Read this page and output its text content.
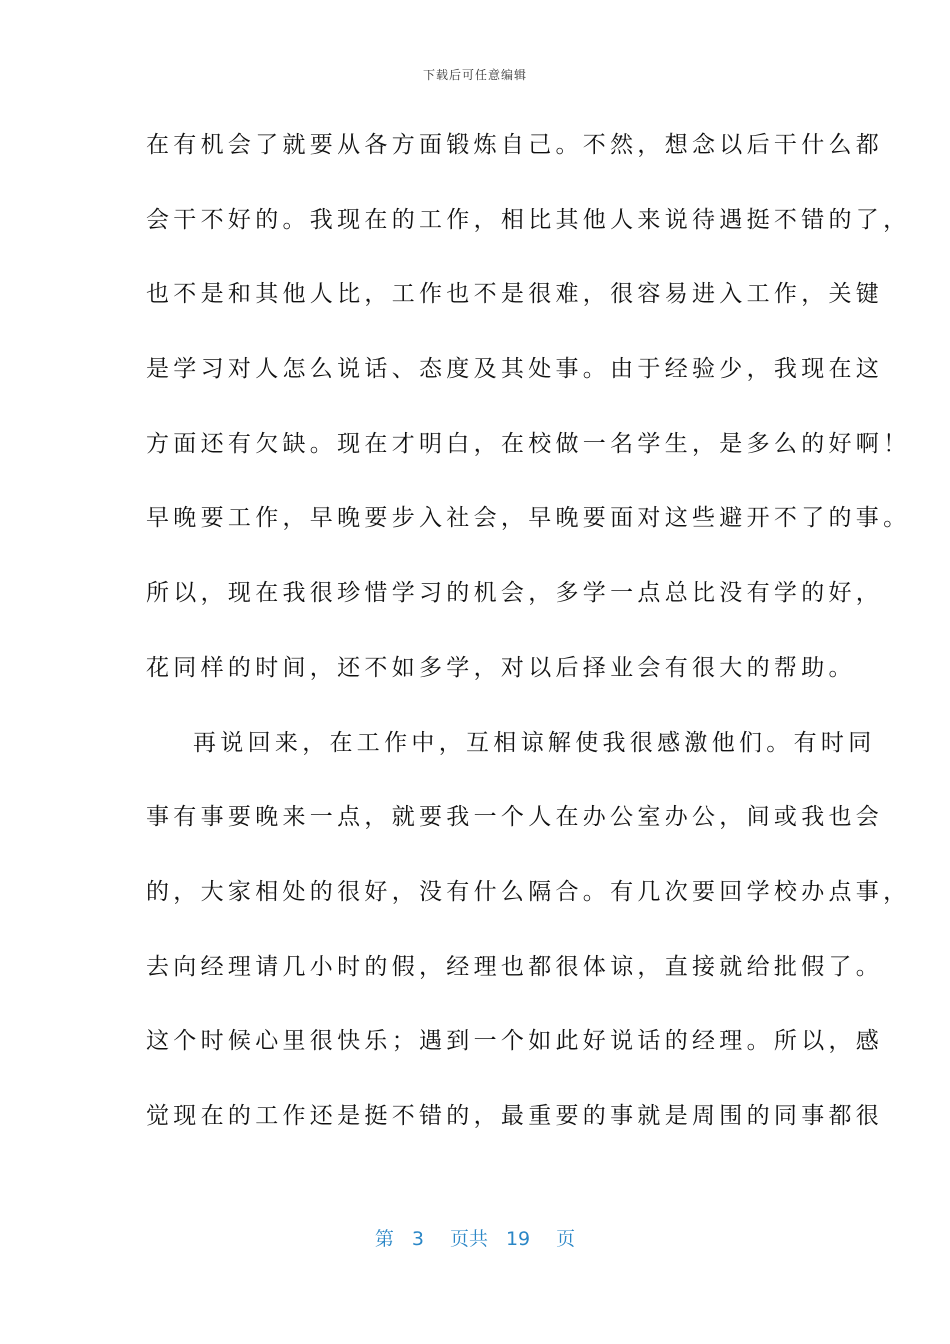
下载后可任意编辑
在有机会了就要从各方面锻炼自己。不然，想念以后干什么都
会干不好的。我现在的工作，相比其他人来说待遇挺不错的了，
也不是和其他人比，工作也不是很难，很容易进入工作，关键
是学习对人怎么说话、态度及其处事。由于经验少，我现在这
方面还有欠缺。现在才明白，在校做一名学生，是多么的好啊！
早晚要工作，早晚要步入社会，早晚要面对这些避开不了的事。
所以，现在我很珍惜学习的机会，多学一点总比没有学的好，
花同样的时间，还不如多学，对以后择业会有很大的帮助。
再说回来，在工作中，互相谅解使我很感激他们。有时同
事有事要晚来一点，就要我一个人在办公室办公，间或我也会
的，大家相处的很好，没有什么隔合。有几次要回学校办点事，
去向经理请几小时的假，经理也都很体谅，直接就给批假了。
这个时候心里很快乐；遇到一个如此好说话的经理。所以，感
觉现在的工作还是挺不错的，最重要的事就是周围的同事都很
第 3 页共 19 页
